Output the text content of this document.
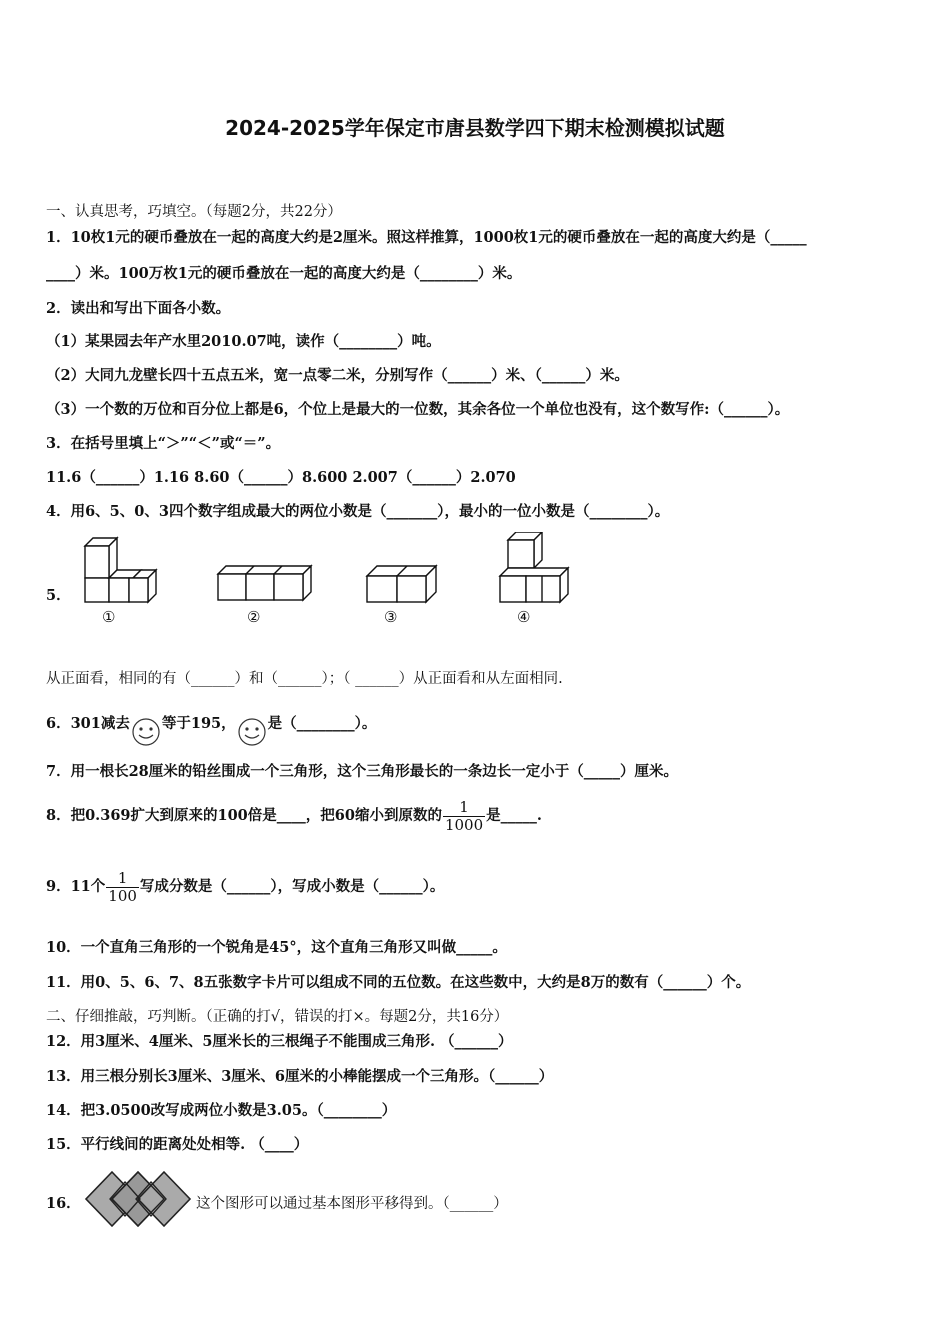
2024-2025学年保定市唐县数学四下期末检测模拟试题
一、认真思考，巧填空。（每题2分，共22分）
1．10枚1元的硬币叠放在一起的高度大约是2厘米。照这样推算，1000枚1元的硬币叠放在一起的高度大约是（_____
____）米。100万枚1元的硬币叠放在一起的高度大约是（________）米。
2．读出和写出下面各小数。
（1）某果园去年产水里2010.07吨，读作（________）吨。
（2）大同九龙壁长四十五点五米，宽一点零二米，分别写作（______）米、（______）米。
（3）一个数的万位和百分位上都是6，个位上是最大的一位数，其余各位一个单位也没有，这个数写作:（______）。
3．在括号里填上“＞”“＜”或“＝”。
11.6（______）1.16 8.60（______）8.600 2.007（______）2.070
4．用6、5、0、3四个数字组成最大的两位小数是（_______），最小的一位小数是（________）。
5．
①	②	③	④
从正面看，相同的有（______）和（______）；（ ______）从正面看和从左面相同.
6．301减去 等于195， 是（________）。
7．用一根长28厘米的铅丝围成一个三角形，这个三角形最长的一条边长一定小于（_____）厘米。
8．把0.369扩大到原来的100倍是____，把60缩小到原数的 $\frac{1}{1000}$ 是_____.
9．11个 $\frac{1}{100}$ 写成分数是（______），写成小数是（______）。
10．一个直角三角形的一个锐角是45°，这个直角三角形又叫做_____。
11．用0、5、6、7、8五张数字卡片可以组成不同的五位数。在这些数中，大约是8万的数有（______）个。
二、仔细推敲，巧判断。（正确的打√，错误的打×。每题2分，共16分）
12．用3厘米、4厘米、5厘米长的三根绳子不能围成三角形. （______）
13．用三根分别长3厘米、3厘米、6厘米的小棒能摆成一个三角形。（______）
14．把3.0500改写成两位小数是3.05。（________）
15．平行线间的距离处处相等. （____）
16．	这个图形可以通过基本图形平移得到。（______）
